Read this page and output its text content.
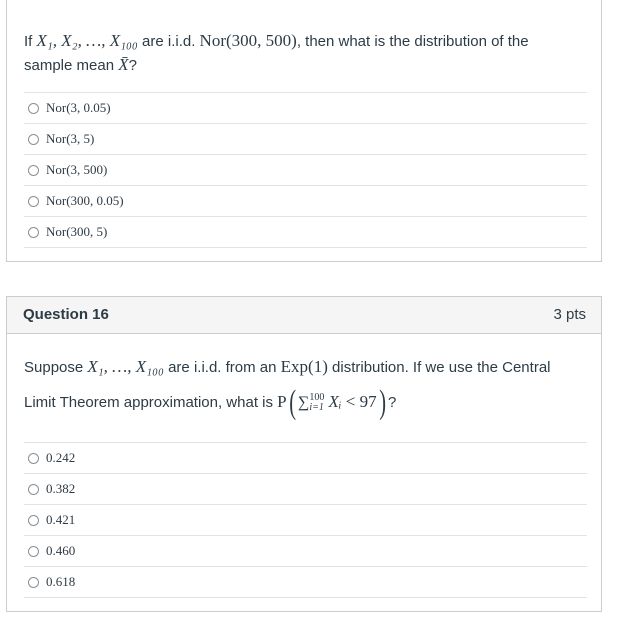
If X₁, X₂, …, X₁₀₀ are i.i.d. Nor(300, 500), then what is the distribution of the
sample mean X̄?
Nor(3, 0.05)
Nor(3, 5)
Nor(3, 500)
Nor(300, 0.05)
Nor(300, 5)
Question 16	3 pts
Suppose X₁, …, X₁₀₀ are i.i.d. from an Exp(1) distribution. If we use the Central
Limit Theorem approximation, what is P( ∑100
i=1 Xᵢ < 97) ?
0.242
0.382
0.421
0.460
0.618
